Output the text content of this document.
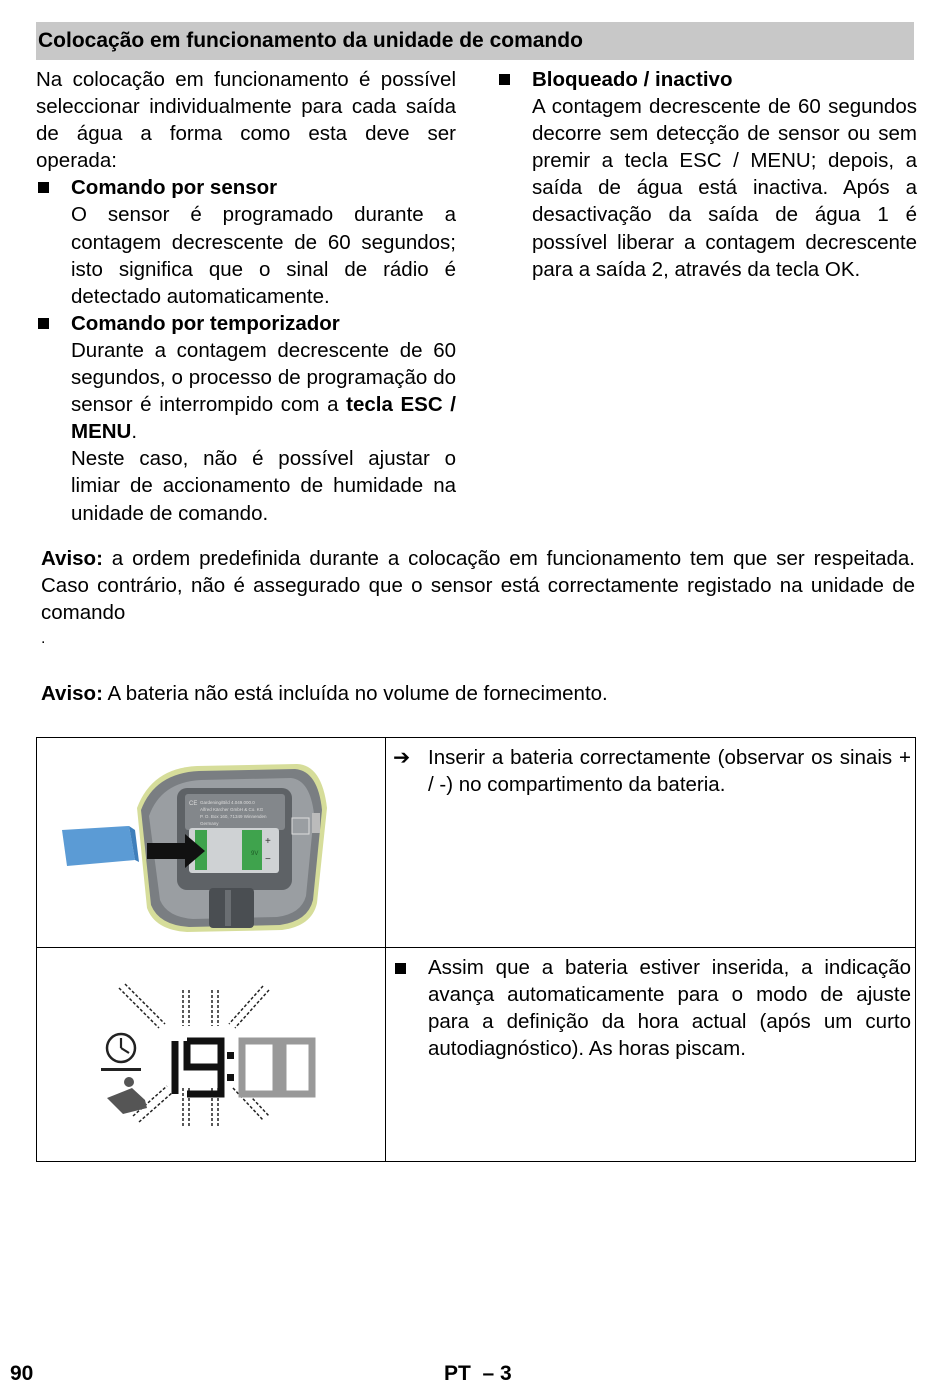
Colocação em funcionamento da unidade de comando

Na colocação em funcionamento é possível seleccionar individualmente para cada saída de água a forma como esta deve ser operada:

Comando por sensor
O sensor é programado durante a contagem decrescente de 60 segundos; isto significa que o sinal de rádio é detectado automaticamente.
Comando por temporizador
Durante a contagem decrescente de 60 segundos, o processo de programação do sensor é interrompido com a tecla ESC / MENU.
Neste caso, não é possível ajustar o limiar de accionamento de humidade na unidade de comando.
Bloqueado / inactivo
A contagem decrescente de 60 segundos decorre sem detecção de sensor ou sem premir a tecla ESC / MENU; depois, a saída de água está inactiva. Após a desactivação da saída de água 1 é possível liberar a contagem decrescente para a saída 2, através da tecla OK.
Aviso: a ordem predefinida durante a colocação em funcionamento tem que ser respeitada. Caso contrário, não é assegurado que o sensor está correctamente registado na unidade de comando
.
Aviso: A bateria não está incluída no volume de fornecimento.
CE Gardening/Bild 4.049.000.0
Alfred Kärcher GmbH & Co. KG
P. O. Box 160, 71349 Winnenden
Germany
+
−
9V
➔ Inserir a bateria correctamente (observar os sinais + / -) no compartimento da bateria.
Assim que a bateria estiver inserida, a indicação avança automaticamente para o modo de ajuste para a definição da hora actual (após um curto autodiagnóstico). As horas piscam.
90	PT  – 3
